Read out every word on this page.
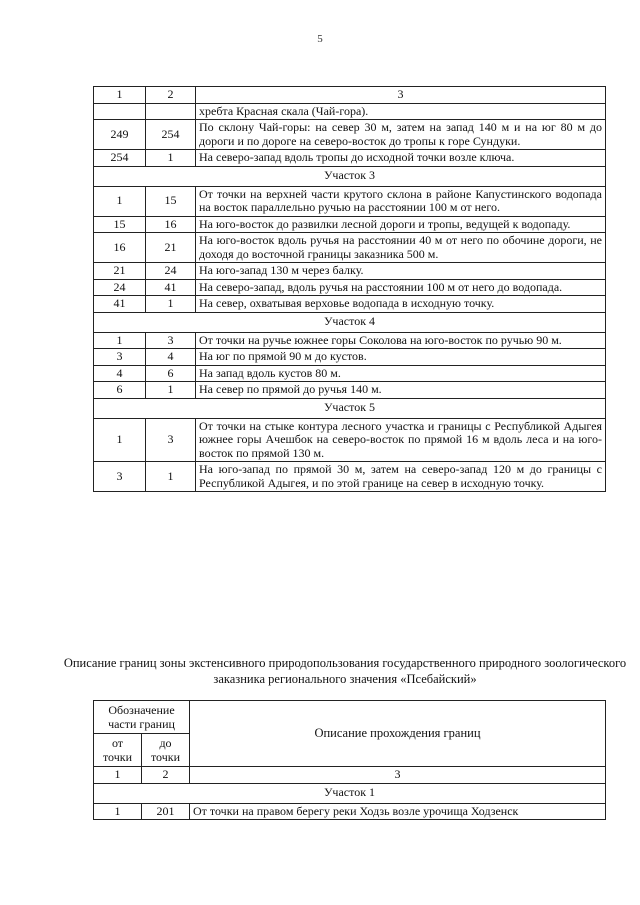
5
1	2	3
		хребта Красная скала (Чай-гора).
249	254	По склону Чай-горы: на север 30 м, затем на запад 140 м и на юг 80 м до дороги и по дороге на северо-восток до тропы к горе Сундуки.
254	1	На северо-запад вдоль тропы до исходной точки возле ключа.
Участок 3		
1	15	От точки на верхней части крутого склона в районе Капустинского водопада на восток параллельно ручью на расстоянии 100 м от него.
15	16	На юго-восток до развилки лесной дороги и тропы, ведущей к водопаду.
16	21	На юго-восток вдоль ручья на расстоянии 40 м от него по обочине дороги, не доходя до восточной границы заказника 500 м.
21	24	На юго-запад 130 м через балку.
24	41	На северо-запад, вдоль ручья на расстоянии 100 м от него до водопада.
41	1	На север, охватывая верховье водопада в исходную точку.
Участок 4		
1	3	От точки на ручье южнее горы Соколова на юго-восток по ручью 90 м.
3	4	На юг по прямой 90 м до кустов.
4	6	На запад вдоль кустов 80 м.
6	1	На север по прямой до ручья 140 м.
Участок 5		
1	3	От точки на стыке контура лесного участка и границы с Республикой Адыгея южнее горы Ачешбок на северо-восток по прямой 16 м вдоль леса и на юго-восток по прямой 130 м.
3	1	На юго-запад по прямой 30 м, затем на северо-запад 120 м до границы с Республикой Адыгея, и по этой границе на север в исходную точку.
Описание границ зоны экстенсивного природопользования государственного природного зоологического заказника регионального значения «Псебайский»
Обозначение части границ		Описание прохождения границ
от точки	до точки	
1	2	3
Участок 1		
1	201	От точки на правом берегу реки Ходзь возле урочища Ходзенск
